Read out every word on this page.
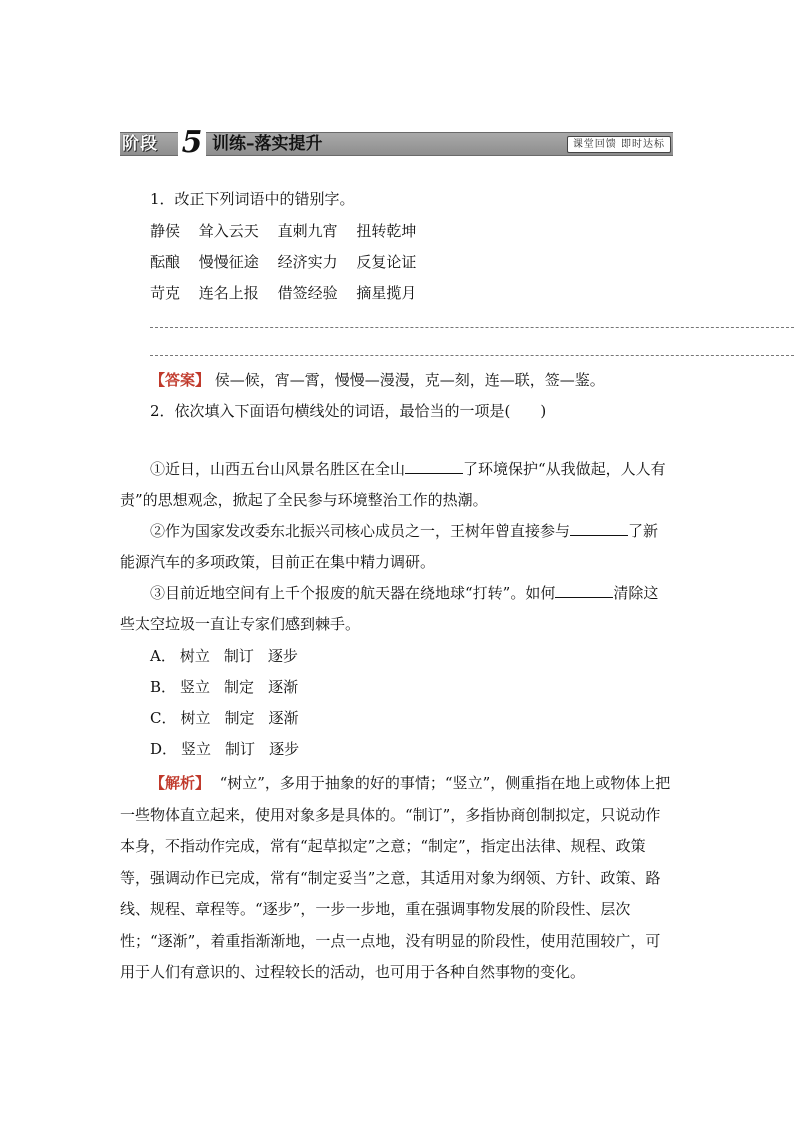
阶段 5 训练–落实提升	课堂回馈 即时达标
1．改正下列词语中的错别字。
静侯 耸入云天 直刺九宵 扭转乾坤
酝酿 慢慢征途 经济实力 反复论证
苛克 连名上报 借签经验 摘星揽月
【答案】 侯—候，宵—霄，慢慢—漫漫，克—刻，连—联，签—鉴。
2．依次填入下面语句横线处的词语，最恰当的一项是(　　)
①近日，山西五台山风景名胜区在全山	了环境保护“从我做起，人人有责”的思想观念，掀起了全民参与环境整治工作的热潮。
②作为国家发改委东北振兴司核心成员之一，王树年曾直接参与	了新能源汽车的多项政策，目前正在集中精力调研。
③目前近地空间有上千个报废的航天器在绕地球“打转”。如何	清除这些太空垃圾一直让专家们感到棘手。
A． 树立 制订 逐步
B． 竖立 制定 逐渐
C． 树立 制定 逐渐
D． 竖立 制订 逐步
【解析】 “树立”，多用于抽象的好的事情；“竖立”，侧重指在地上或物体上把一些物体直立起来，使用对象多是具体的。“制订”，多指协商创制拟定，只说动作本身，不指动作完成，常有“起草拟定”之意；“制定”，指定出法律、规程、政策等，强调动作已完成，常有“制定妥当”之意，其适用对象为纲领、方针、政策、路线、规程、章程等。“逐步”，一步一步地，重在强调事物发展的阶段性、层次性；“逐渐”，着重指渐渐地，一点一点地，没有明显的阶段性，使用范围较广，可用于人们有意识的、过程较长的活动，也可用于各种自然事物的变化。
